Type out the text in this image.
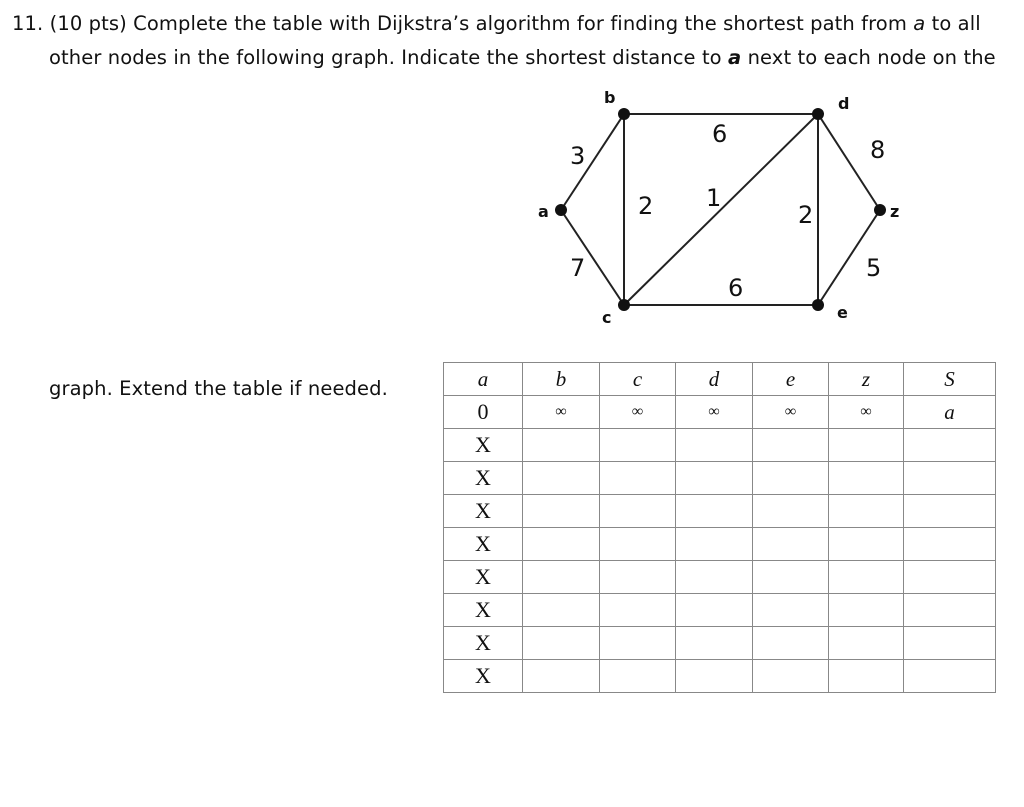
11. (10 pts) Complete the table with Dijkstra’s algorithm for finding the shortest path from a to all
other nodes in the following graph. Indicate the shortest distance to a next to each node on the
graph. Extend the table if needed.
3
7
6
2 1
6
2
8
5
a
b
c
d
e
z
a	b	c	d	e	z	S
0	∞	∞	∞	∞	∞	a
X						
X						
X						
X						
X						
X						
X						
X						
